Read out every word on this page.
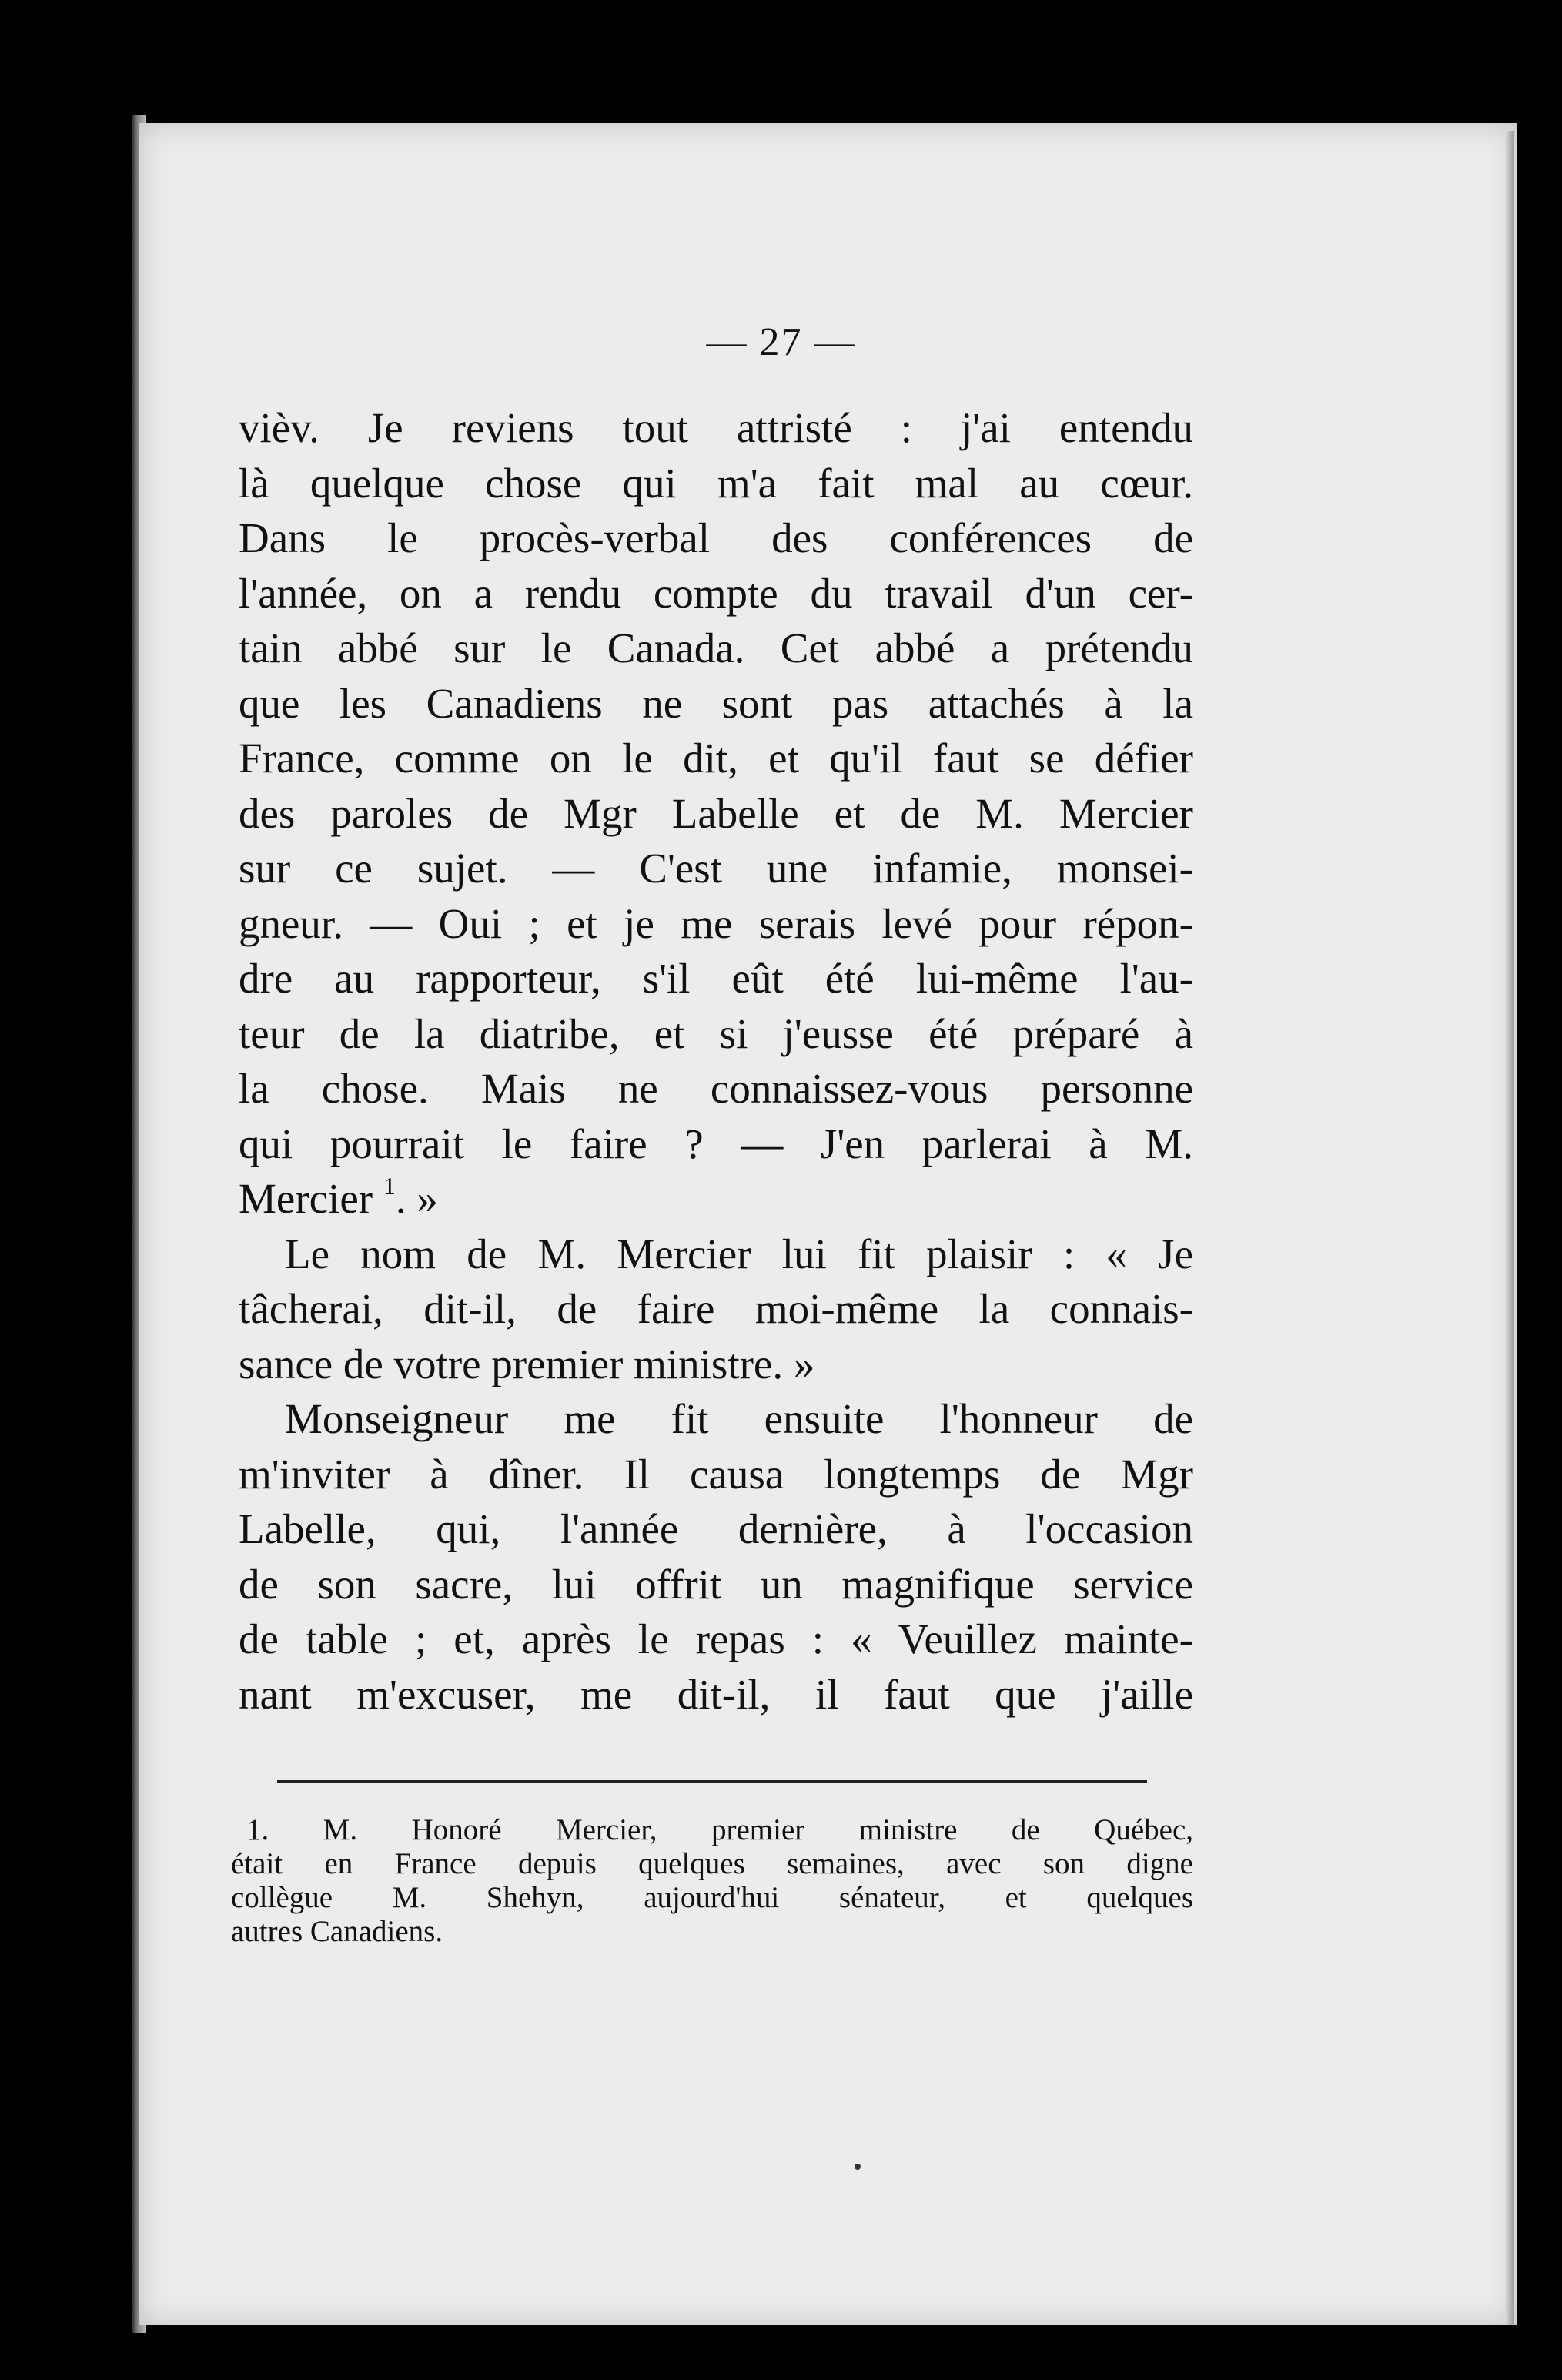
— 27 —
vièv. Je reviens tout attristé : j'ai entendu
là quelque chose qui m'a fait mal au cœur.
Dans le procès-verbal des conférences de
l'année, on a rendu compte du travail d'un cer-
tain abbé sur le Canada. Cet abbé a prétendu
que les Canadiens ne sont pas attachés à la
France, comme on le dit, et qu'il faut se défier
des paroles de Mgr Labelle et de M. Mercier
sur ce sujet. — C'est une infamie, monsei-
gneur. — Oui ; et je me serais levé pour répon-
dre au rapporteur, s'il eût été lui-même l'au-
teur de la diatribe, et si j'eusse été préparé à
la chose. Mais ne connaissez-vous personne
qui pourrait le faire ? — J'en parlerai à M.
Mercier $^1$. »
Le nom de M. Mercier lui fit plaisir : « Je
tâcherai, dit-il, de faire moi-même la connais-
sance de votre premier ministre. »
Monseigneur me fit ensuite l'honneur de
m'inviter à dîner. Il causa longtemps de Mgr
Labelle, qui, l'année dernière, à l'occasion
de son sacre, lui offrit un magnifique service
de table ; et, après le repas : « Veuillez mainte-
nant m'excuser, me dit-il, il faut que j'aille
1. M. Honoré Mercier, premier ministre de Québec,
était en France depuis quelques semaines, avec son digne
collègue M. Shehyn, aujourd'hui sénateur, et quelques
autres Canadiens.
